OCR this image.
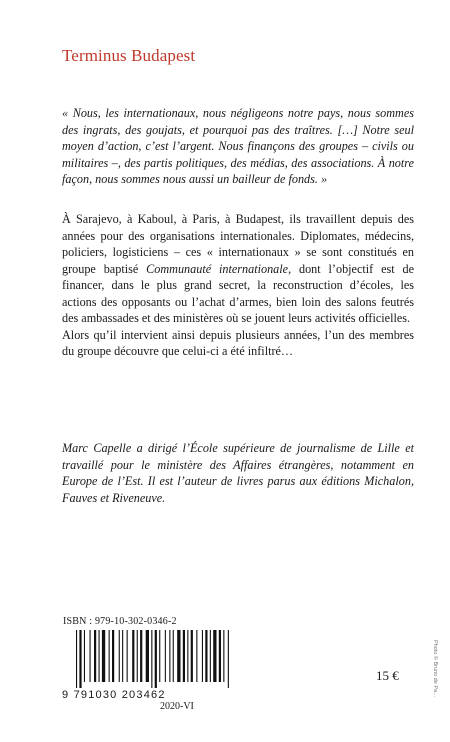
Terminus Budapest
« Nous, les internationaux, nous négligeons notre pays, nous sommes des ingrats, des goujats, et pourquoi pas des traîtres. […] Notre seul moyen d’action, c’est l’argent. Nous finançons des groupes – civils ou militaires –, des partis politiques, des médias, des associations. À notre façon, nous sommes nous aussi un bailleur de fonds. »

À Sarajevo, à Kaboul, à Paris, à Budapest, ils travaillent depuis des années pour des organisations internationales. Diplomates, médecins, policiers, logisticiens – ces « internationaux » se sont constitués en groupe baptisé Communauté internationale, dont l’objectif est de financer, dans le plus grand secret, la reconstruction d’écoles, les actions des opposants ou l’achat d’armes, bien loin des salons feutrés des ambassades et des ministères où se jouent leurs activités officielles.

Alors qu’il intervient ainsi depuis plusieurs années, l’un des membres du groupe découvre que celui-ci a été infiltré…

Marc Capelle a dirigé l’École supérieure de journalisme de Lille et travaillé pour le ministère des Affaires étrangères, notamment en Europe de l’Est. Il est l’auteur de livres parus aux éditions Michalon, Fauves et Riveneuve.
ISBN : 979-10-302-0346-2
9 791030 203462
2020-VI
15 €	Photo © Bruno de Pa…
